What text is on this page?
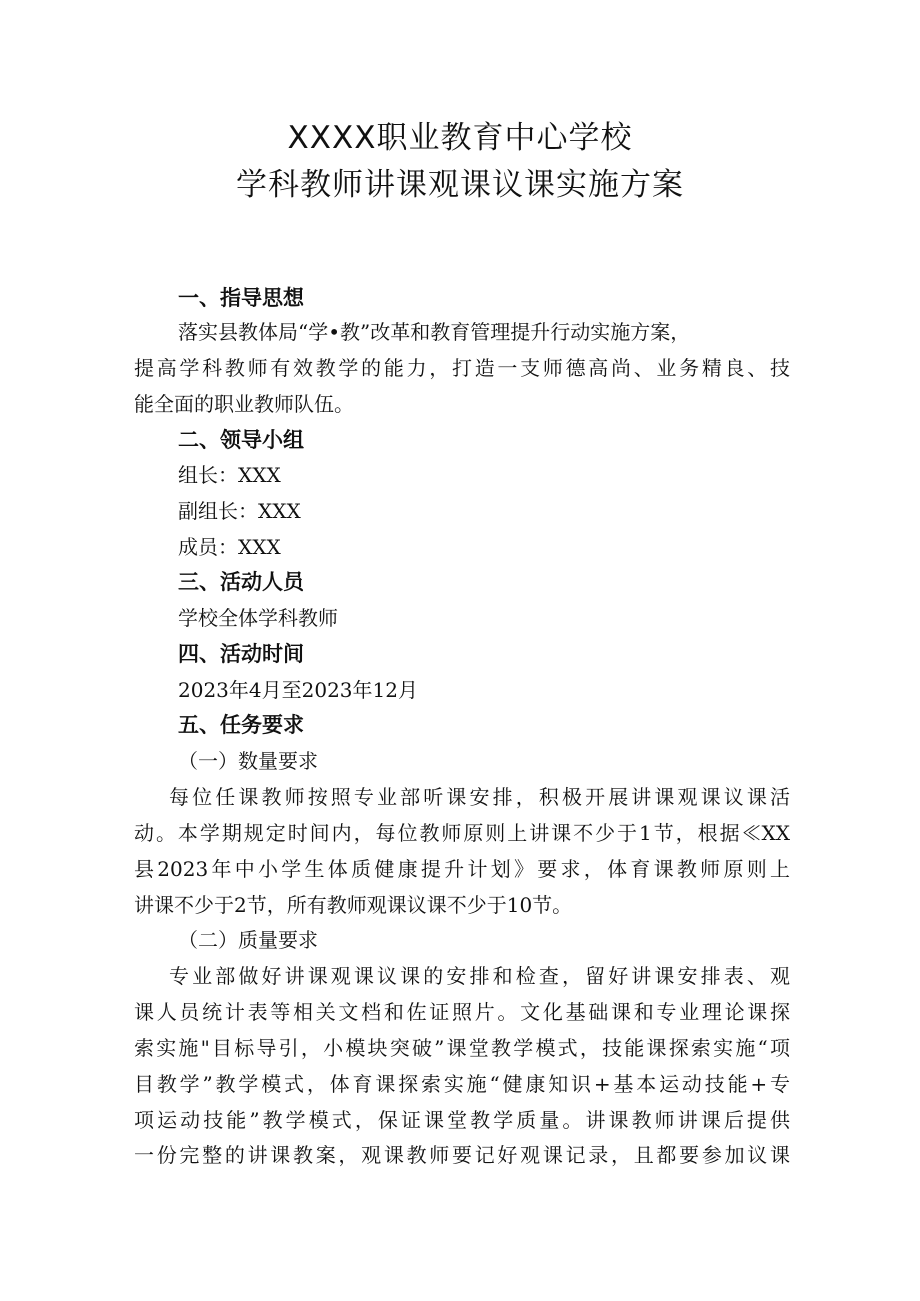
XXXX职业教育中心学校
学科教师讲课观课议课实施方案
一、指导思想
落实县教体局“学•教”改革和教育管理提升行动实施方案，
提高学科教师有效教学的能力，打造一支师德高尚、业务精良、技
能全面的职业教师队伍。
二、领导小组
组长：XXX
副组长：XXX
成员：XXX
三、活动人员
学校全体学科教师
四、活动时间
2023年4月至2023年12月
五、任务要求
（一）数量要求
每位任课教师按照专业部听课安排，积极开展讲课观课议课活
动。本学期规定时间内，每位教师原则上讲课不少于1节，根据≪XX
县2023年中小学生体质健康提升计划》要求，体育课教师原则上
讲课不少于2节，所有教师观课议课不少于10节。
（二）质量要求
专业部做好讲课观课议课的安排和检查，留好讲课安排表、观
课人员统计表等相关文档和佐证照片。文化基础课和专业理论课探
索实施"目标导引，小模块突破”课堂教学模式，技能课探索实施“项
目教学”教学模式，体育课探索实施“健康知识+基本运动技能+专
项运动技能”教学模式，保证课堂教学质量。讲课教师讲课后提供
一份完整的讲课教案，观课教师要记好观课记录，且都要参加议课
